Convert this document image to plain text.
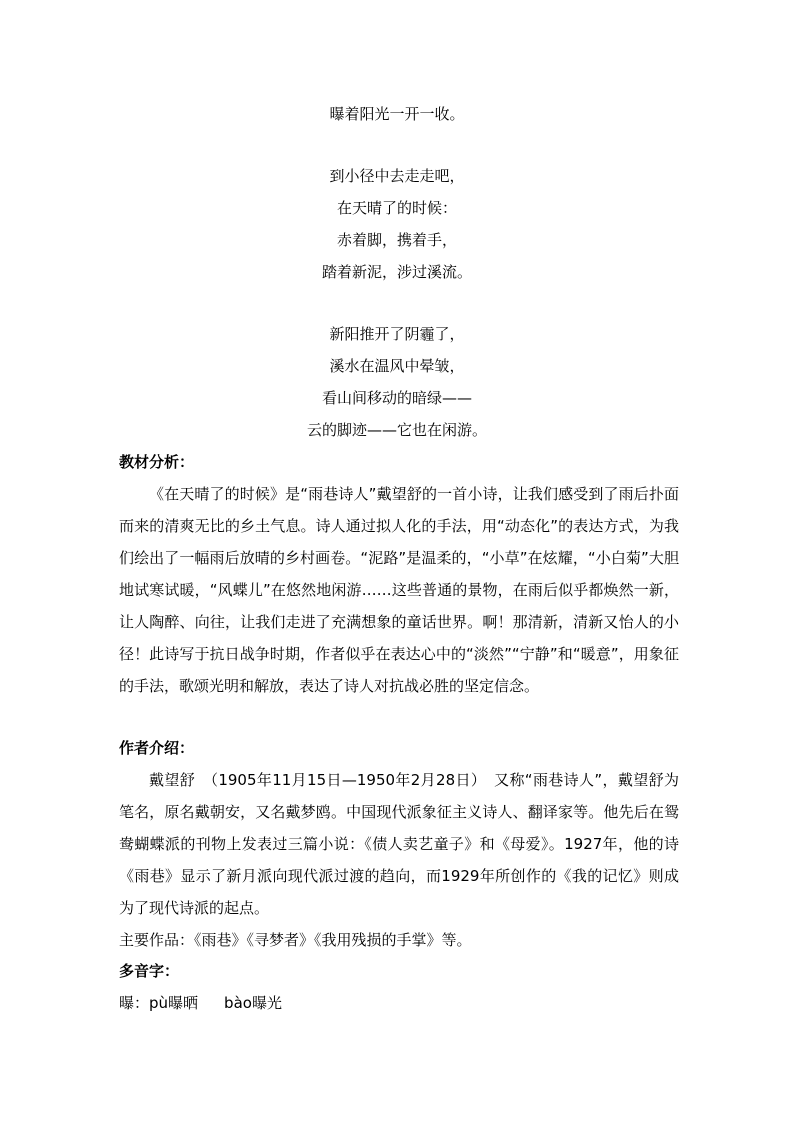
曝着阳光一开一收。
到小径中去走走吧，
在天晴了的时候：
赤着脚，携着手，
踏着新泥，涉过溪流。
新阳推开了阴霾了，
溪水在温风中晕皱，
看山间移动的暗绿——
云的脚迹——它也在闲游。
教材分析：

《在天晴了的时候》是“雨巷诗人”戴望舒的一首小诗，让我们感受到了雨后扑面而来的清爽无比的乡土气息。诗人通过拟人化的手法，用“动态化”的表达方式，为我们绘出了一幅雨后放晴的乡村画卷。“泥路”是温柔的，“小草”在炫耀，“小白菊”大胆地试寒试暖，“风蝶儿”在悠然地闲游……这些普通的景物，在雨后似乎都焕然一新，让人陶醉、向往，让我们走进了充满想象的童话世界。啊！那清新，清新又怡人的小径！此诗写于抗日战争时期，作者似乎在表达心中的“淡然”“宁静”和“暖意”，用象征的手法，歌颂光明和解放，表达了诗人对抗战必胜的坚定信念。

作者介绍：

戴望舒　（1905年11月15日—1950年2月28日）　又称“雨巷诗人”，戴望舒为笔名，原名戴朝安，又名戴梦鸥。中国现代派象征主义诗人、翻译家等。他先后在鸳鸯蝴蝶派的刊物上发表过三篇小说：《债人卖艺童子》和《母爱》。1927年，他的诗《雨巷》显示了新月派向现代派过渡的趋向，而1929年所创作的《我的记忆》则成为了现代诗派的起点。

主要作品：《雨巷》《寻梦者》《我用残损的手掌》等。
多音字：
曝：pù曝晒 bào曝光
